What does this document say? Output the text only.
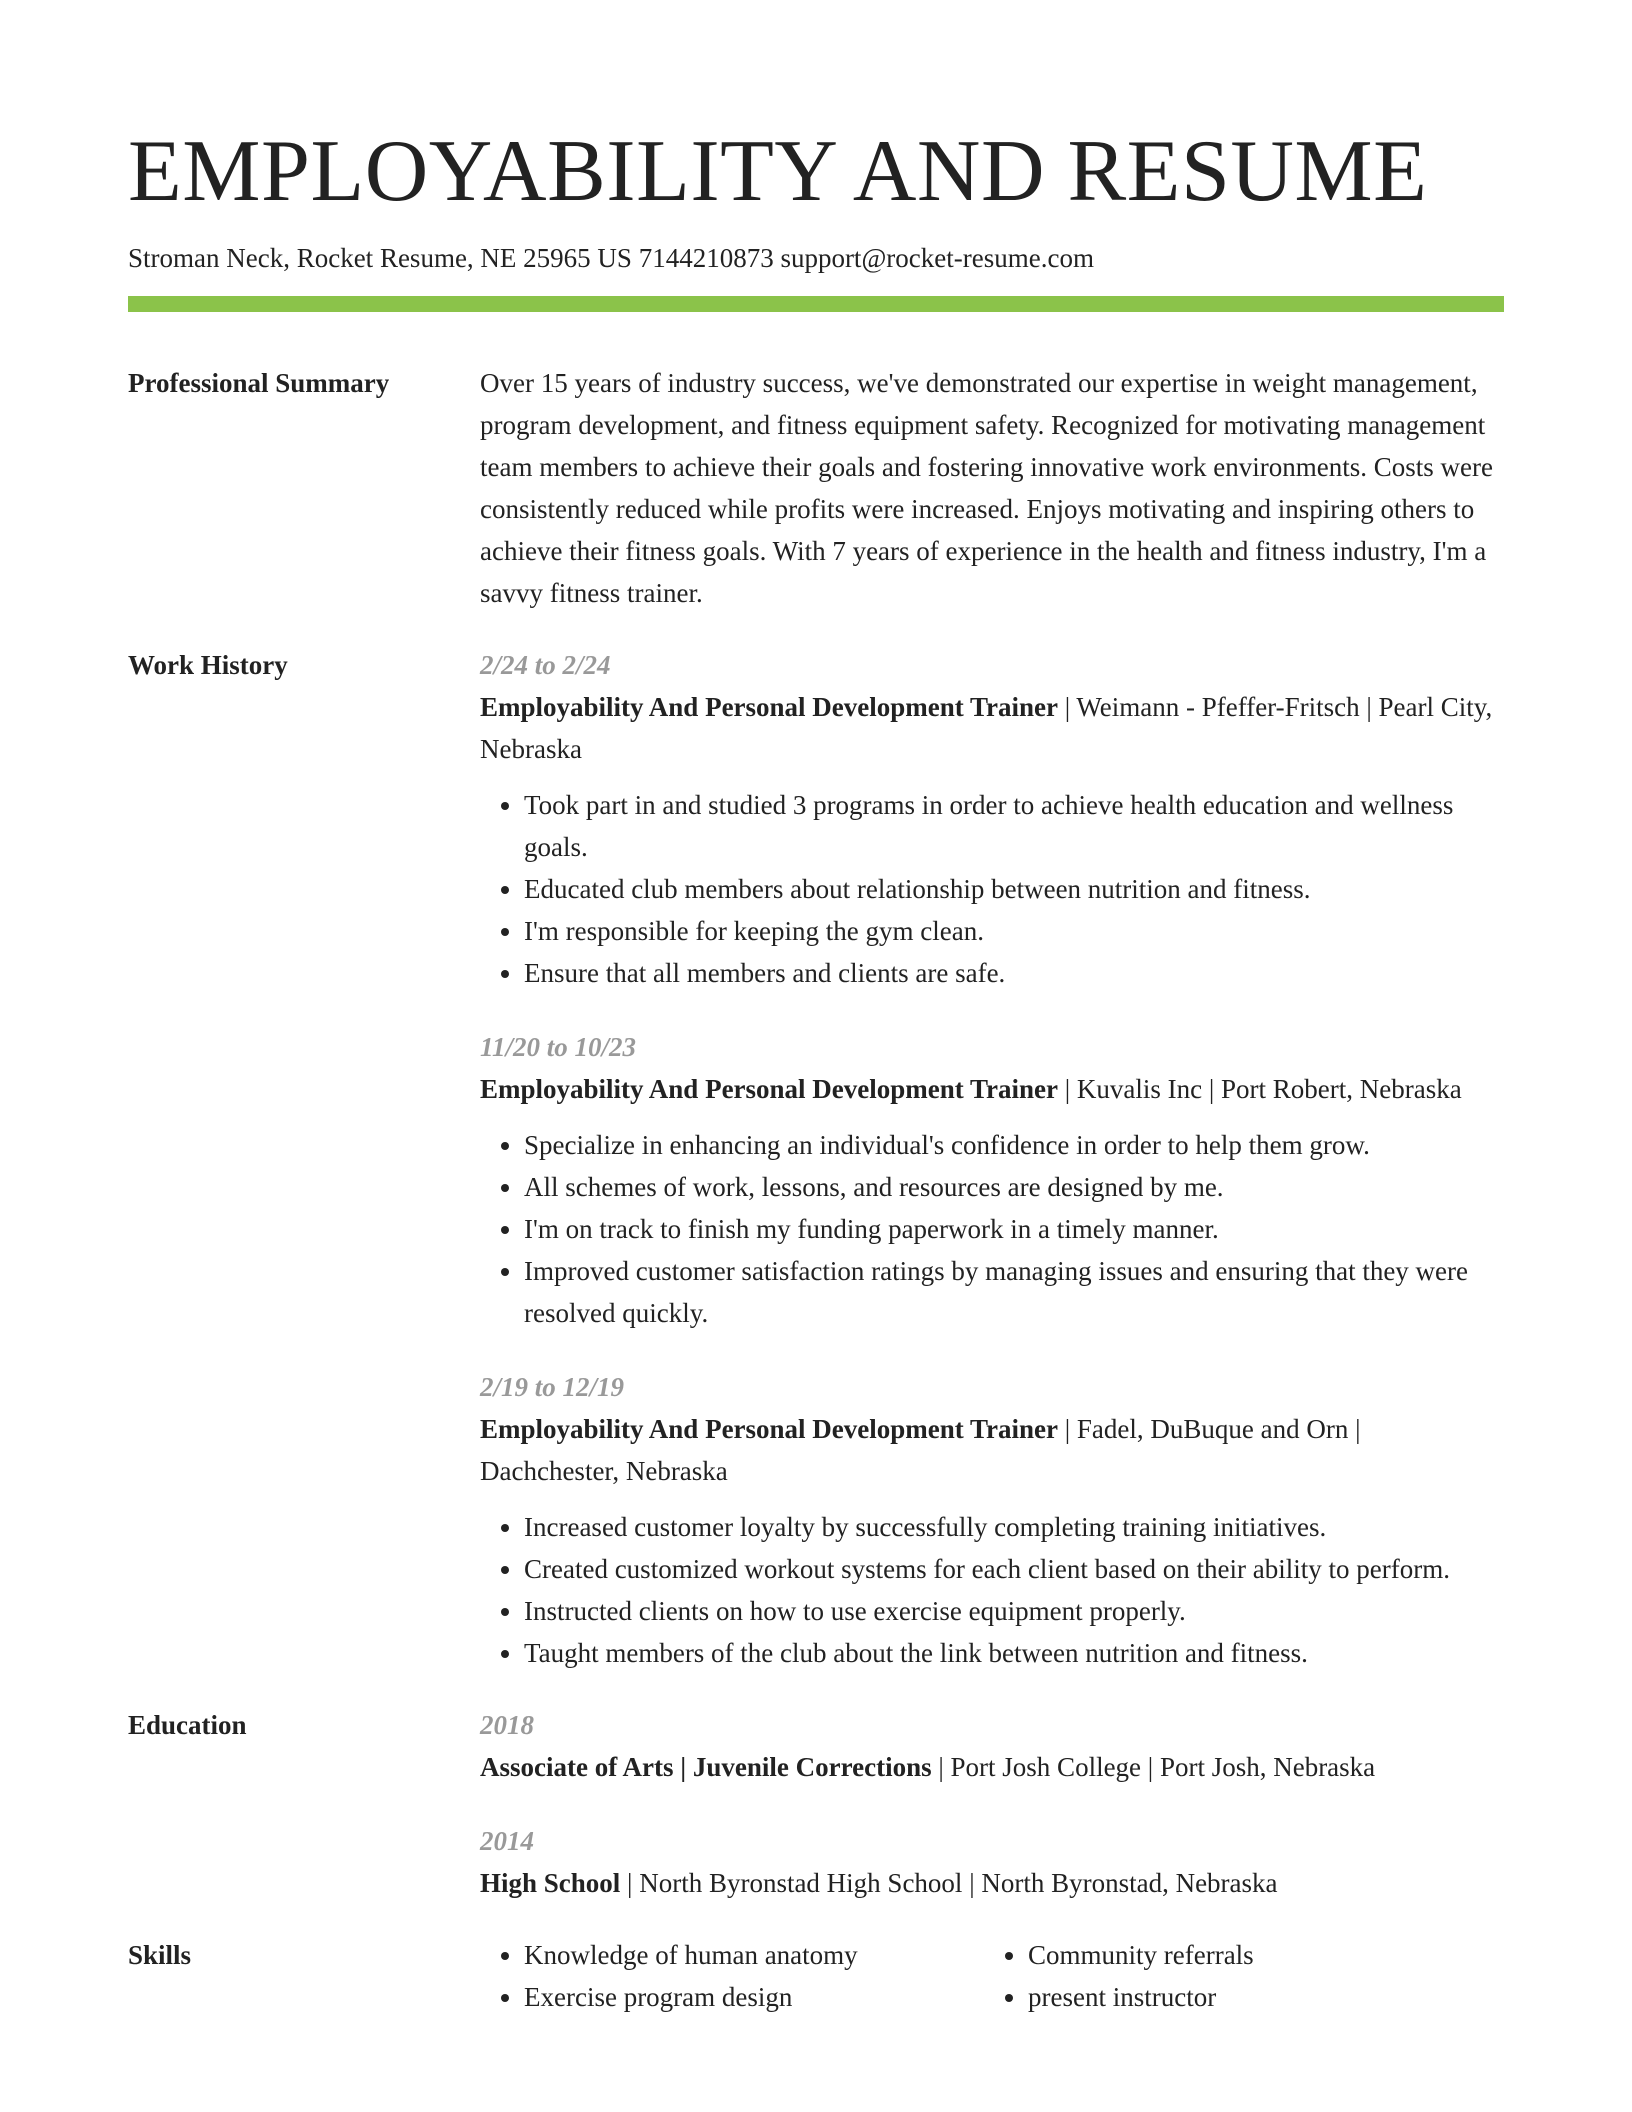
EMPLOYABILITY AND RESUME
Stroman Neck, Rocket Resume, NE 25965 US 7144210873 support@rocket-resume.com
Professional Summary	Over 15 years of industry success, we've demonstrated our expertise in weight management, program development, and fitness equipment safety. Recognized for motivating management team members to achieve their goals and fostering innovative work environments. Costs were consistently reduced while profits were increased. Enjoys motivating and inspiring others to achieve their fitness goals. With 7 years of experience in the health and fitness industry, I'm a savvy fitness trainer.
Work History	2/24 to 2/24
Employability And Personal Development Trainer | Weimann - Pfeffer-Fritsch | Pearl City, Nebraska
• Took part in and studied 3 programs in order to achieve health education and wellness goals.
• Educated club members about relationship between nutrition and fitness.
• I'm responsible for keeping the gym clean.
• Ensure that all members and clients are safe.
11/20 to 10/23
Employability And Personal Development Trainer | Kuvalis Inc | Port Robert, Nebraska
• Specialize in enhancing an individual's confidence in order to help them grow.
• All schemes of work, lessons, and resources are designed by me.
• I'm on track to finish my funding paperwork in a timely manner.
• Improved customer satisfaction ratings by managing issues and ensuring that they were resolved quickly.
2/19 to 12/19
Employability And Personal Development Trainer | Fadel, DuBuque and Orn | Dachchester, Nebraska
• Increased customer loyalty by successfully completing training initiatives.
• Created customized workout systems for each client based on their ability to perform.
• Instructed clients on how to use exercise equipment properly.
• Taught members of the club about the link between nutrition and fitness.
Education	2018
Associate of Arts | Juvenile Corrections | Port Josh College | Port Josh, Nebraska
2014
High School | North Byronstad High School | North Byronstad, Nebraska
Skills
•	Knowledge of human anatomy
• Exercise program design
• Community referrals
• present instructor
